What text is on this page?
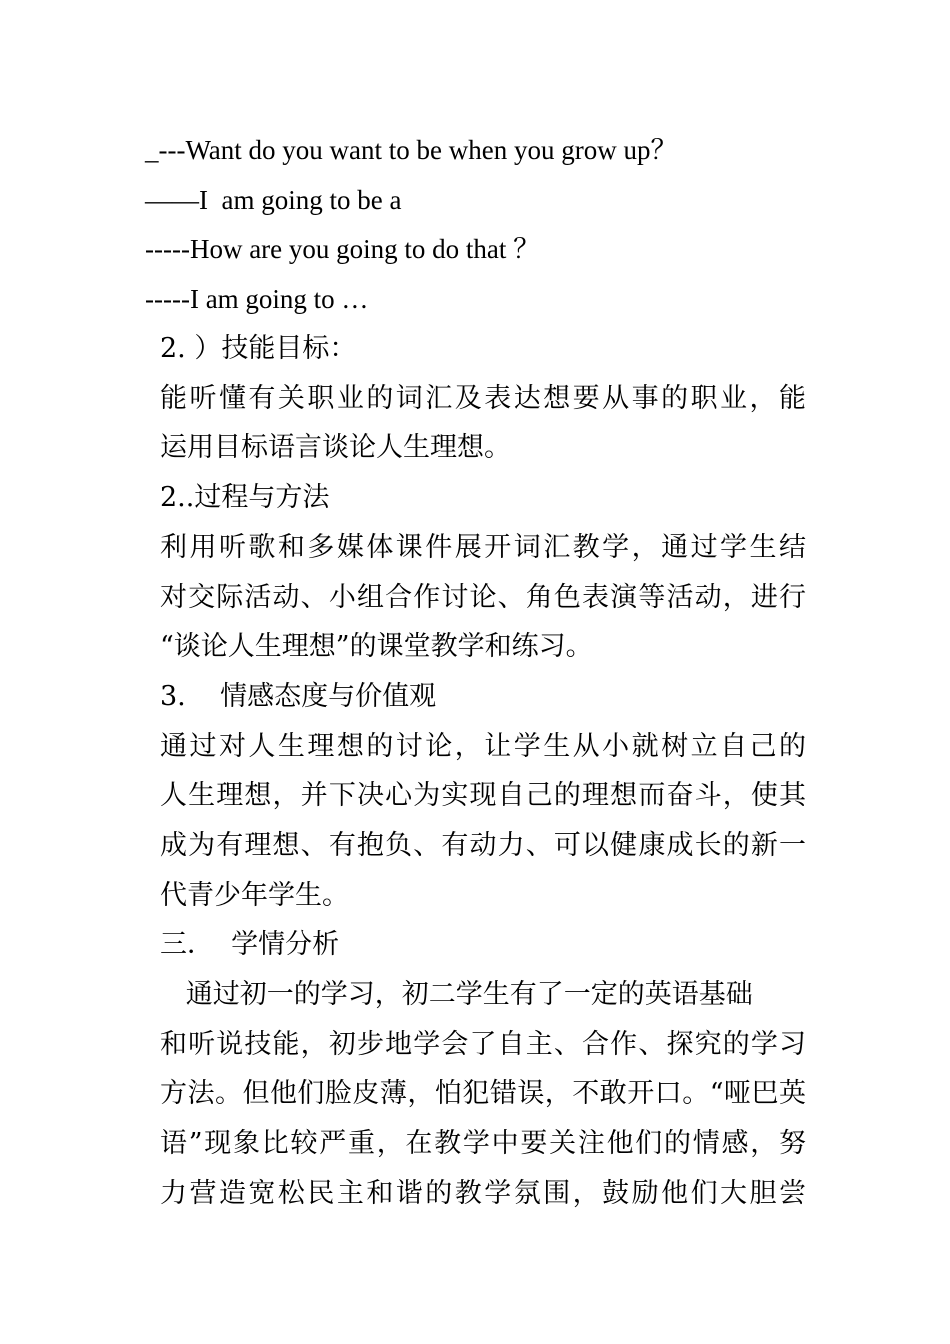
_---Want do you want to be when you grow up？
——I  am going to be a
-----How are you going to do that ？
-----I am going to …
2. ）技能目标：
能听懂有关职业的词汇及表达想要从事的职业，能
运用目标语言谈论人生理想。
2..过程与方法
利用听歌和多媒体课件展开词汇教学，通过学生结
对交际活动、小组合作讨论、角色表演等活动，进行
“谈论人生理想”的课堂教学和练习。
3.    情感态度与价值观
通过对人生理想的讨论，让学生从小就树立自己的
人生理想，并下决心为实现自己的理想而奋斗，使其
成为有理想、有抱负、有动力、可以健康成长的新一
代青少年学生。
三．  学情分析
通过初一的学习，初二学生有了一定的英语基础
和听说技能，初步地学会了自主、合作、探究的学习
方法。但他们脸皮薄，怕犯错误，不敢开口。“哑巴英
语”现象比较严重，在教学中要关注他们的情感，努
力营造宽松民主和谐的教学氛围，鼓励他们大胆尝
